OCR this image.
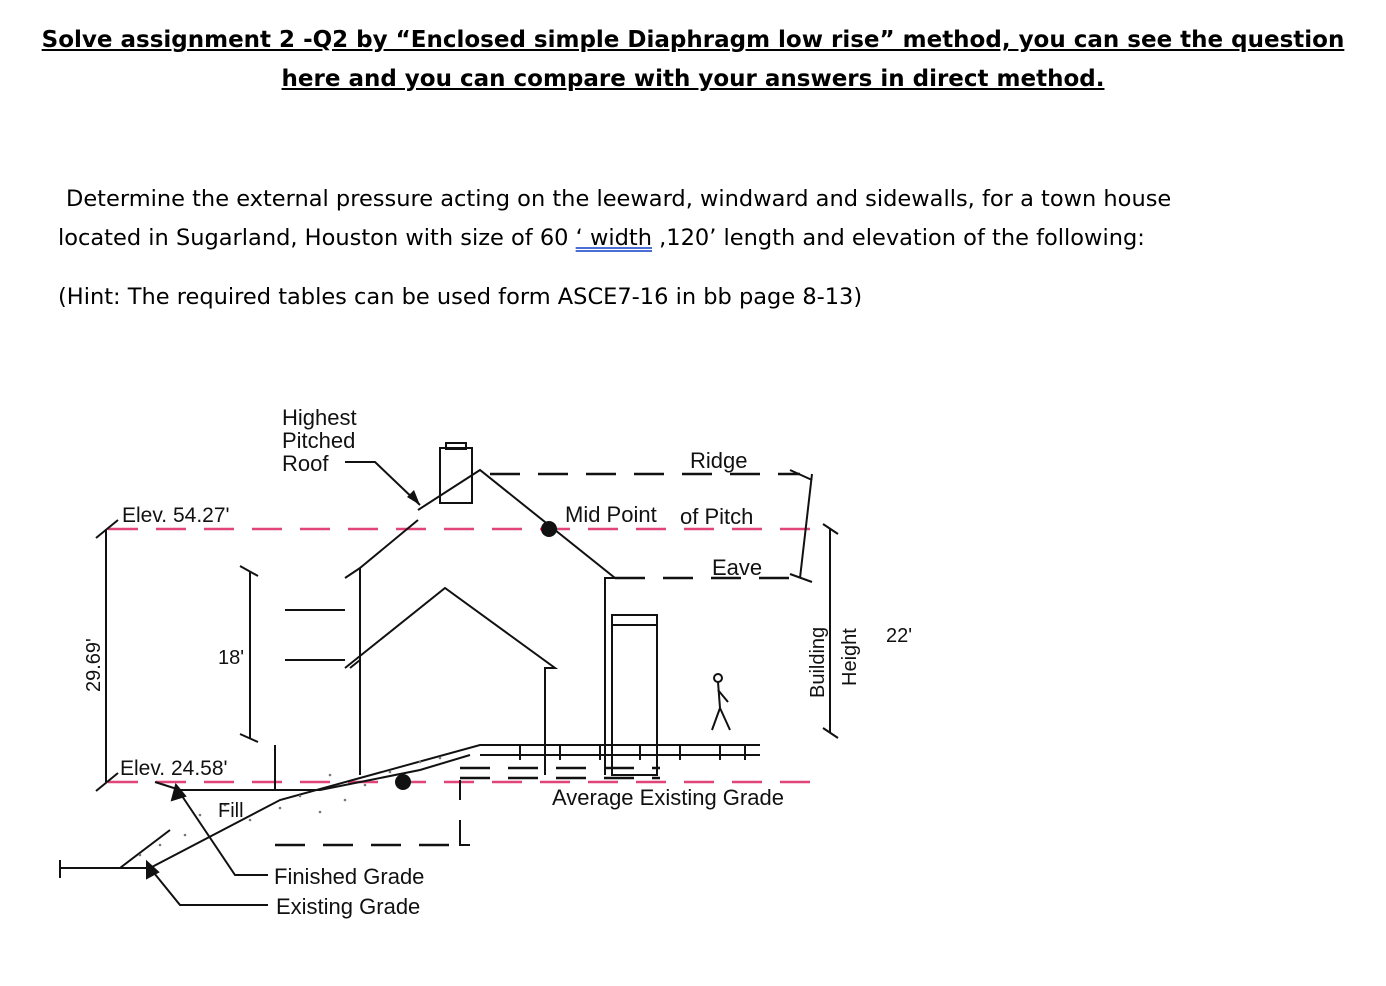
Solve assignment 2 -Q2 by “Enclosed simple Diaphragm low rise” method, you can see the question
here and you can compare with your answers in direct method.
Determine the external pressure acting on the leeward, windward and sidewalls, for a town house
located in Sugarland, Houston with size of 60 ‘ width ,120’ length and elevation of the following:
(Hint: The required tables can be used form ASCE7-16 in bb page 8-13)
Highest
Pitched
Roof	Ridge
Mid Point of Pitch
Eave
Elev. 54.27'
Elev. 24.58'
18'
22'
Fill
Average Existing Grade
Finished Grade
Existing Grade
29.69'	Building Height
